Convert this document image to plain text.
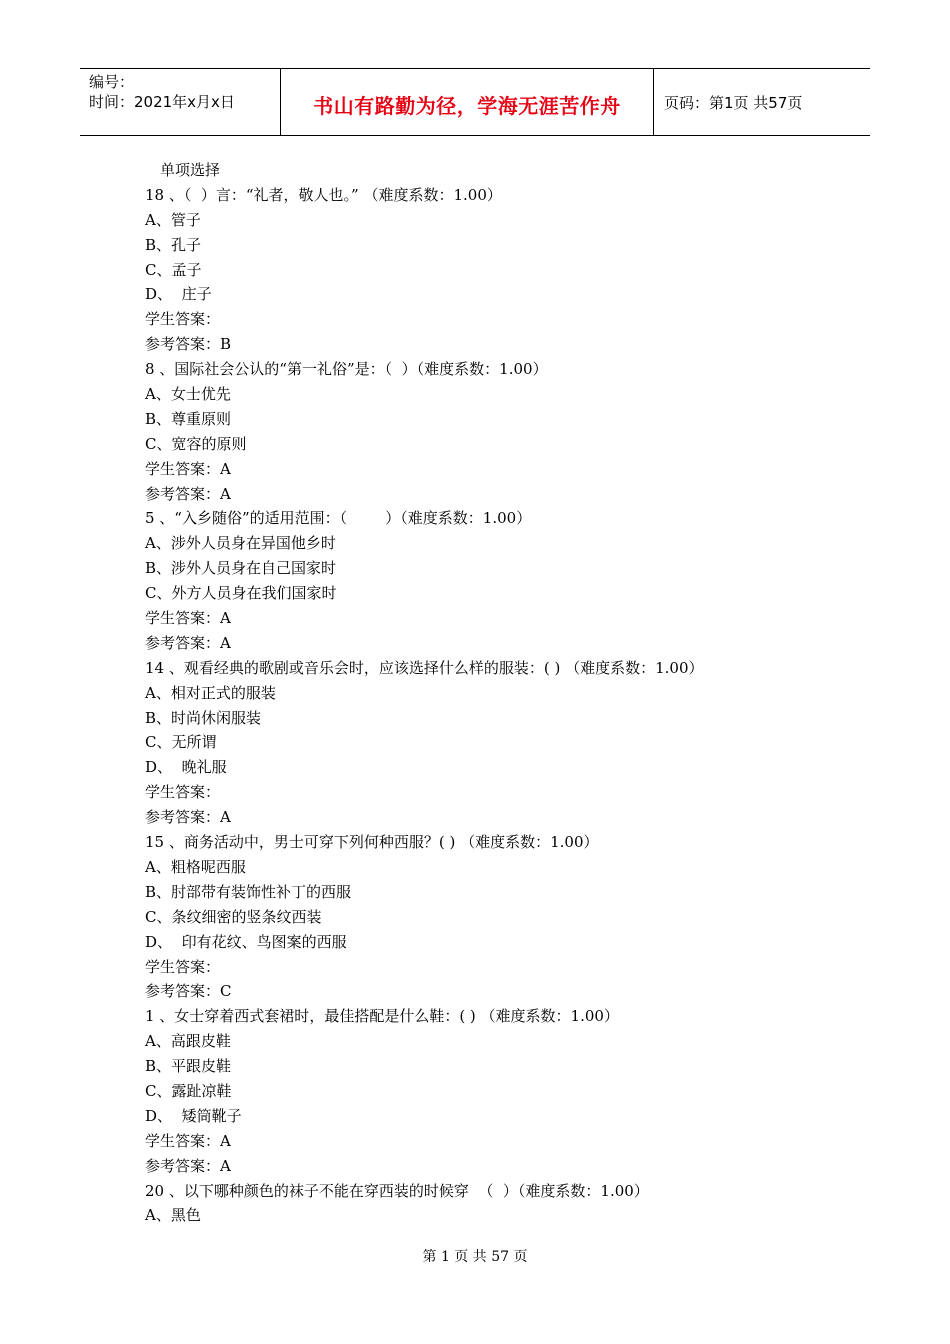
编号：
时间：2021年x月x日	书山有路勤为径，学海无涯苦作舟	页码：第1页 共57页
单项选择
18 、（  ）言：“礼者，敬人也。” （难度系数：1.00）
A、管子
B、孔子
C、孟子
D、  庄子
学生答案：
参考答案：B
8 、国际社会公认的“第一礼俗”是：（  ）（难度系数：1.00）
A、女士优先
B、尊重原则
C、宽容的原则
学生答案：A
参考答案：A
5 、“入乡随俗”的适用范围：（        ）（难度系数：1.00）
A、涉外人员身在异国他乡时
B、涉外人员身在自己国家时
C、外方人员身在我们国家时
学生答案：A
参考答案：A
14 、观看经典的歌剧或音乐会时，应该选择什么样的服装：( ) （难度系数：1.00）
A、相对正式的服装
B、时尚休闲服装
C、无所谓
D、  晚礼服
学生答案：
参考答案：A
15 、商务活动中，男士可穿下列何种西服？( ) （难度系数：1.00）
A、粗格呢西服
B、肘部带有装饰性补丁的西服
C、条纹细密的竖条纹西装
D、  印有花纹、鸟图案的西服
学生答案：
参考答案：C
1 、女士穿着西式套裙时，最佳搭配是什么鞋：( ) （难度系数：1.00）
A、高跟皮鞋
B、平跟皮鞋
C、露趾凉鞋
D、  矮筒靴子
学生答案：A
参考答案：A
20 、以下哪种颜色的袜子不能在穿西装的时候穿  （  ）（难度系数：1.00）
A、黑色
第 1 页 共 57 页
